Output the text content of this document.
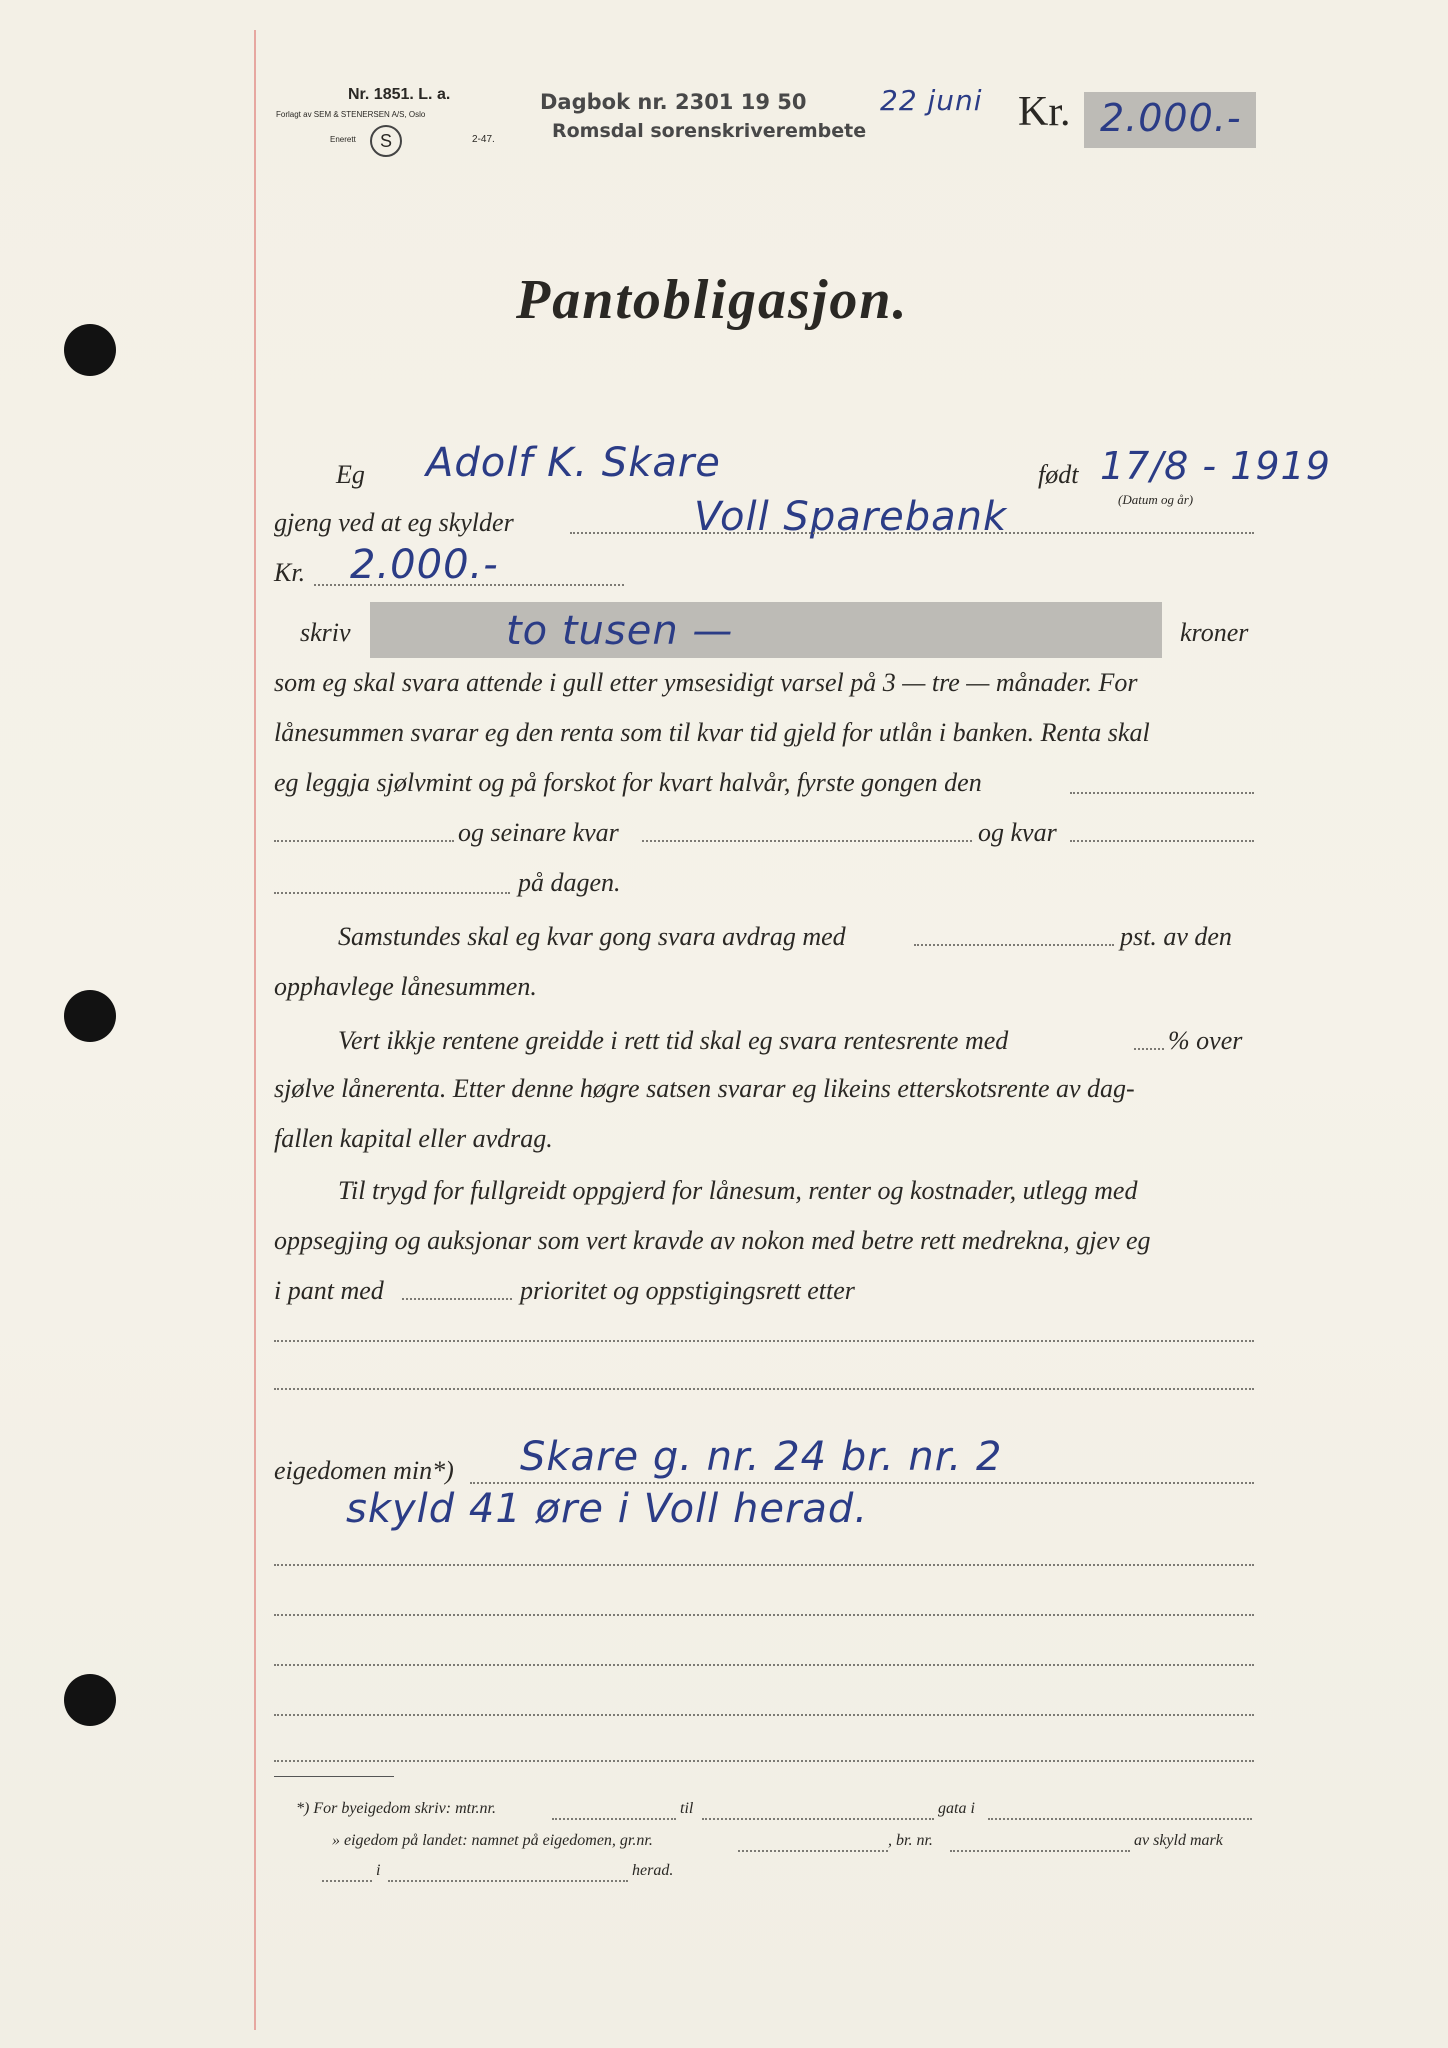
Nr. 1851. L. a.
Forlagt av SEM & STENERSEN A/S, Oslo
Enerett	S	2-47.
Dagbok nr. 2301 19 50
Romsdal sorenskriverembete
22 juni Kr. 2.000.-
Pantobligasjon.
Eg Adolf K. Skare	født 17/8 - 1919
(Datum og år)
gjeng ved at eg skylder	Voll Sparebank
Kr. 2.000.-
skriv	to tusen —	kroner
som eg skal svara attende i gull etter ymsesidigt varsel på 3 — tre — månader. For
lånesummen svarar eg den renta som til kvar tid gjeld for utlån i banken. Renta skal
eg leggja sjølvmint og på forskot for kvart halvår, fyrste gongen den
og seinare kvar	og kvar
på dagen.
Samstundes skal eg kvar gong svara avdrag med	pst. av den
opphavlege lånesummen.
Vert ikkje rentene greidde i rett tid skal eg svara rentesrente med	% over
sjølve lånerenta. Etter denne høgre satsen svarar eg likeins etterskotsrente av dag-
fallen kapital eller avdrag.
Til trygd for fullgreidt oppgjerd for lånesum, renter og kostnader, utlegg med
oppsegjing og auksjonar som vert kravde av nokon med betre rett medrekna, gjev eg
i pant med	prioritet og oppstigingsrett etter
eigedomen min*) Skare g. nr. 24 br. nr. 2
skyld 41 øre i Voll herad.
*) For byeigedom skriv: mtr.nr.	til	gata i
» eigedom på landet: namnet på eigedomen, gr.nr.	, br. nr.	av skyld mark
i	herad.
